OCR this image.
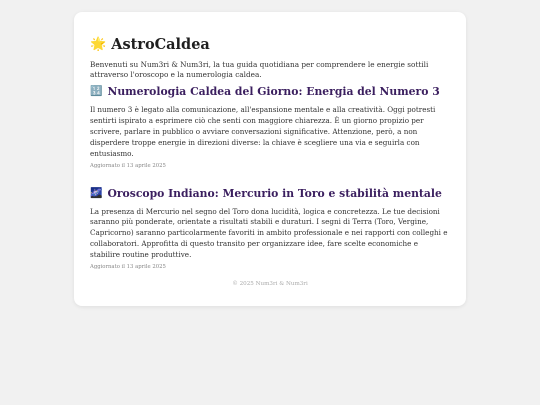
🌟 AstroCaldea

Benvenuti su Num3ri & Num3ri, la tua guida quotidiana per comprendere le energie sottili attraverso l'oroscopo e la numerologia caldea.

🔢 Numerologia Caldea del Giorno: Energia del Numero 3

Il numero 3 è legato alla comunicazione, all'espansione mentale e alla creatività. Oggi potresti sentirti ispirato a esprimere ciò che senti con maggiore chiarezza. È un giorno propizio per scrivere, parlare in pubblico o avviare conversazioni significative. Attenzione, però, a non disperdere troppe energie in direzioni diverse: la chiave è scegliere una via e seguirla con entusiasmo.

Aggiornato il 13 aprile 2025

🌌 Oroscopo Indiano: Mercurio in Toro e stabilità mentale

La presenza di Mercurio nel segno del Toro dona lucidità, logica e concretezza. Le tue decisioni saranno più ponderate, orientate a risultati stabili e duraturi. I segni di Terra (Toro, Vergine, Capricorno) saranno particolarmente favoriti in ambito professionale e nei rapporti con colleghi e collaboratori. Approfitta di questo transito per organizzare idee, fare scelte economiche e stabilire routine produttive.

Aggiornato il 13 aprile 2025

© 2025 Num3ri & Num3ri
